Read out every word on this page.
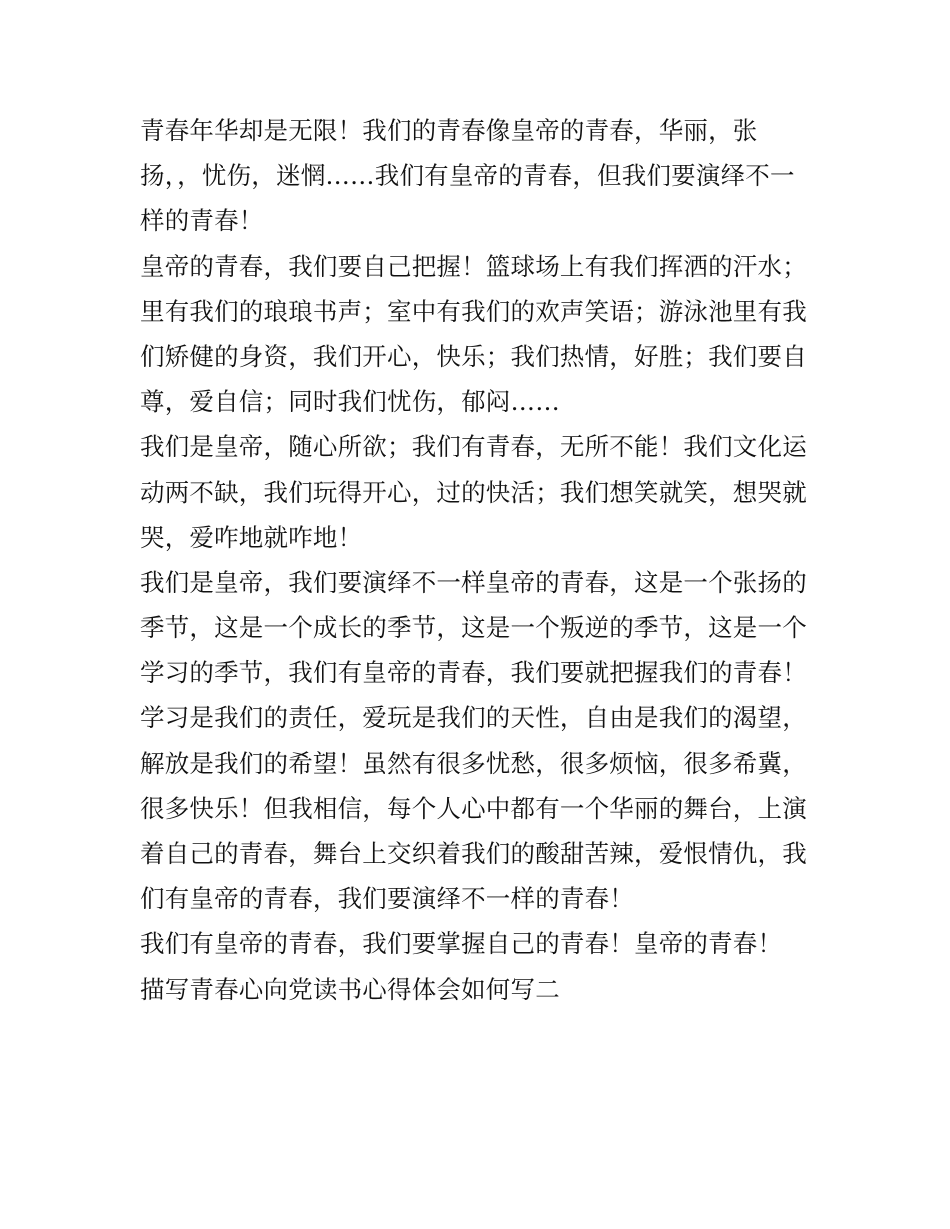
青春年华却是无限！我们的青春像皇帝的青春，华丽，张
扬，，忧伤，迷惘……我们有皇帝的青春，但我们要演绎不一
样的青春！
皇帝的青春，我们要自己把握！篮球场上有我们挥洒的汗水；
里有我们的琅琅书声；室中有我们的欢声笑语；游泳池里有我
们矫健的身资，我们开心，快乐；我们热情，好胜；我们要自
尊，爱自信；同时我们忧伤，郁闷……
我们是皇帝，随心所欲；我们有青春，无所不能！我们文化运
动两不缺，我们玩得开心，过的快活；我们想笑就笑，想哭就
哭，爱咋地就咋地！
我们是皇帝，我们要演绎不一样皇帝的青春，这是一个张扬的
季节，这是一个成长的季节，这是一个叛逆的季节，这是一个
学习的季节，我们有皇帝的青春，我们要就把握我们的青春！
学习是我们的责任，爱玩是我们的天性，自由是我们的渴望，
解放是我们的希望！虽然有很多忧愁，很多烦恼，很多希冀，
很多快乐！但我相信，每个人心中都有一个华丽的舞台，上演
着自己的青春，舞台上交织着我们的酸甜苦辣，爱恨情仇，我
们有皇帝的青春，我们要演绎不一样的青春！
我们有皇帝的青春，我们要掌握自己的青春！皇帝的青春！
描写青春心向党读书心得体会如何写二
